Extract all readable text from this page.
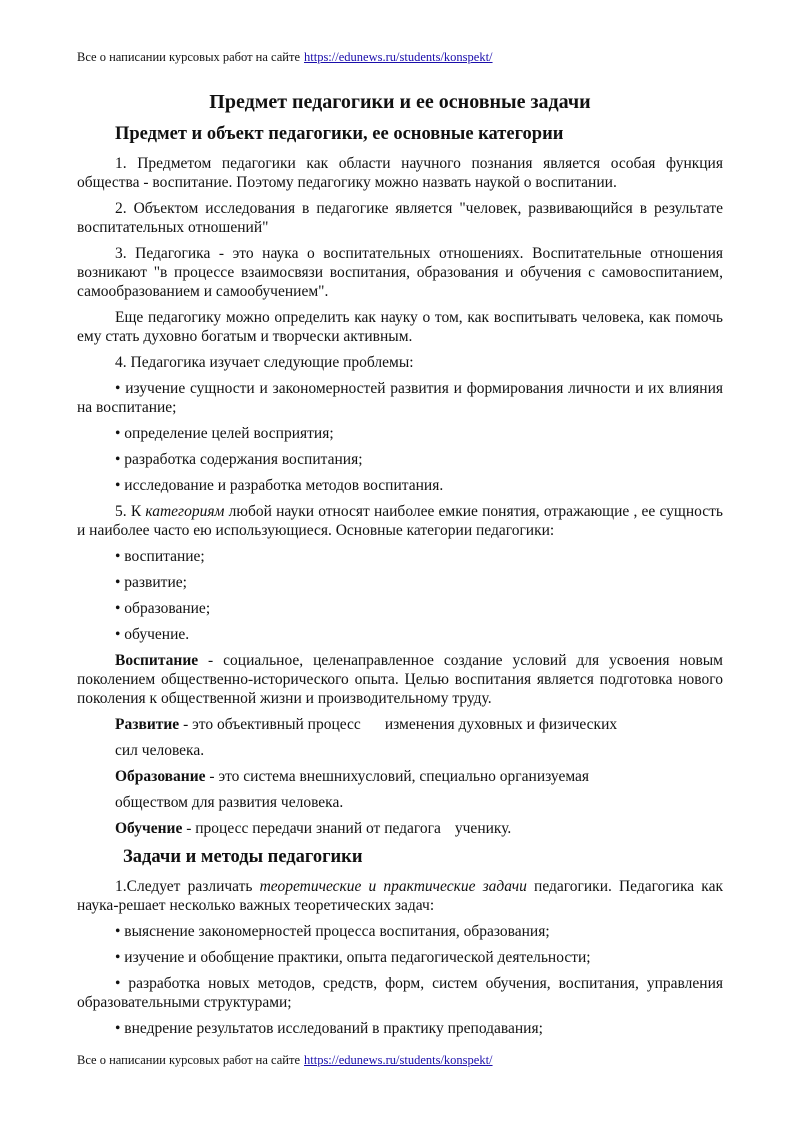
Все о написании курсовых работ на сайте https://edunews.ru/students/konspekt/
Предмет педагогики и ее основные задачи
Предмет и объект педагогики, ее основные категории

1. Предметом педагогики как области научного познания является особая функция общества - воспитание. Поэтому педагогику можно назвать наукой о воспитании.

2. Объектом исследования в педагогике является "человек, развивающийся в результате воспитательных отношений"

3. Педагогика - это наука о воспитательных отношениях. Воспитательные отношения возникают "в процессе взаимосвязи воспитания, образования и обучения с самовоспитанием, самообразованием и самообучением".

Еще педагогику можно определить как науку о том, как воспитывать человека, как помочь ему стать духовно богатым и творчески активным.

4. Педагогика изучает следующие проблемы:

• изучение сущности и закономерностей развития и формирования личности и их влияния на воспитание;

• определение целей восприятия;

• разработка содержания воспитания;

• исследование и разработка методов воспитания.

5. К категориям любой науки относят наиболее емкие понятия, отражающие , ее сущность и наиболее часто ею использующиеся. Основные категории педагогики:

• воспитание;

• развитие;

• образование;

• обучение.

Воспитание - социальное, целенаправленное создание условий для усвоения новым поколением общественно-исторического опыта. Целью воспитания является подготовка нового поколения к общественной жизни и производительному труду.

Развитие - это объективный процесс изменения духовных и физических

сил человека.

Образование - это система внешнихусловий, специально организуемая

обществом для развития человека.

Обучение - процесс передачи знаний от педагога ученику.

Задачи и методы педагогики

1.Следует различать теоретические и практические задачи педагогики. Педагогика как наука-решает несколько важных теоретических задач:

• выяснение закономерностей процесса воспитания, образования;

• изучение и обобщение практики, опыта педагогической деятельности;

• разработка новых методов, средств, форм, систем обучения, воспитания, управления образовательными структурами;

• внедрение результатов исследований в практику преподавания;

Все о написании курсовых работ на сайте https://edunews.ru/students/konspekt/
